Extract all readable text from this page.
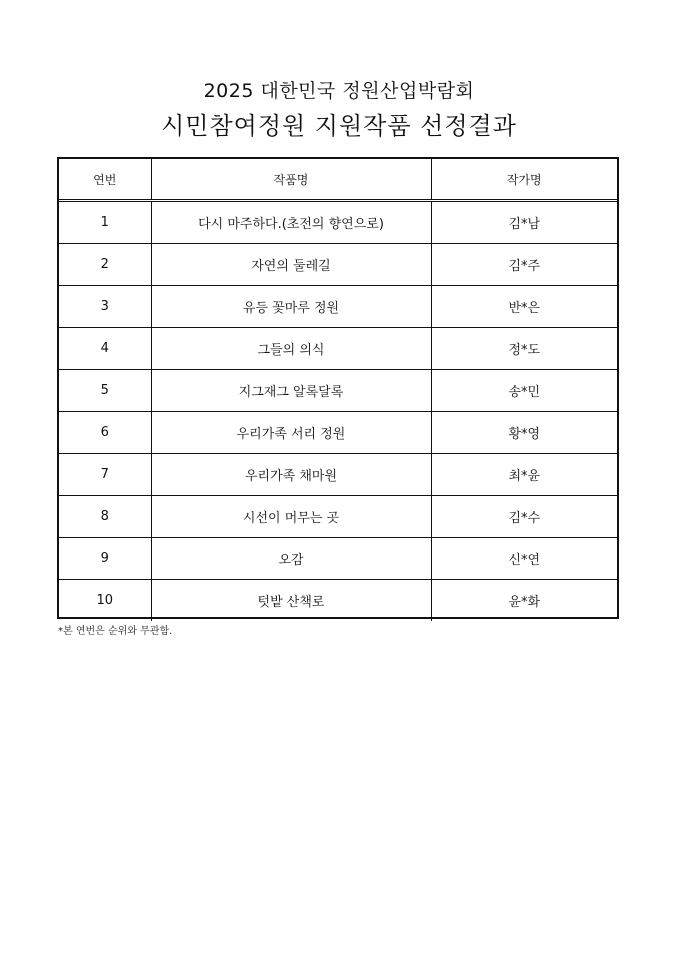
2025 대한민국 정원산업박람회
시민참여정원 지원작품 선정결과
연번	작품명	작가명
1	다시 마주하다.(초전의 향연으로)	김*남
2	자연의 둘레길	김*주
3	유등 꽃마루 정원	반*은
4	그들의 의식	정*도
5	지그재그 알록달록	송*민
6	우리가족 서리 정원	황*영
7	우리가족 채마원	최*윤
8	시선이 머무는 곳	김*수
9	오감	신*연
10	텃밭 산책로	윤*화
*본 연번은 순위와 무관함.
